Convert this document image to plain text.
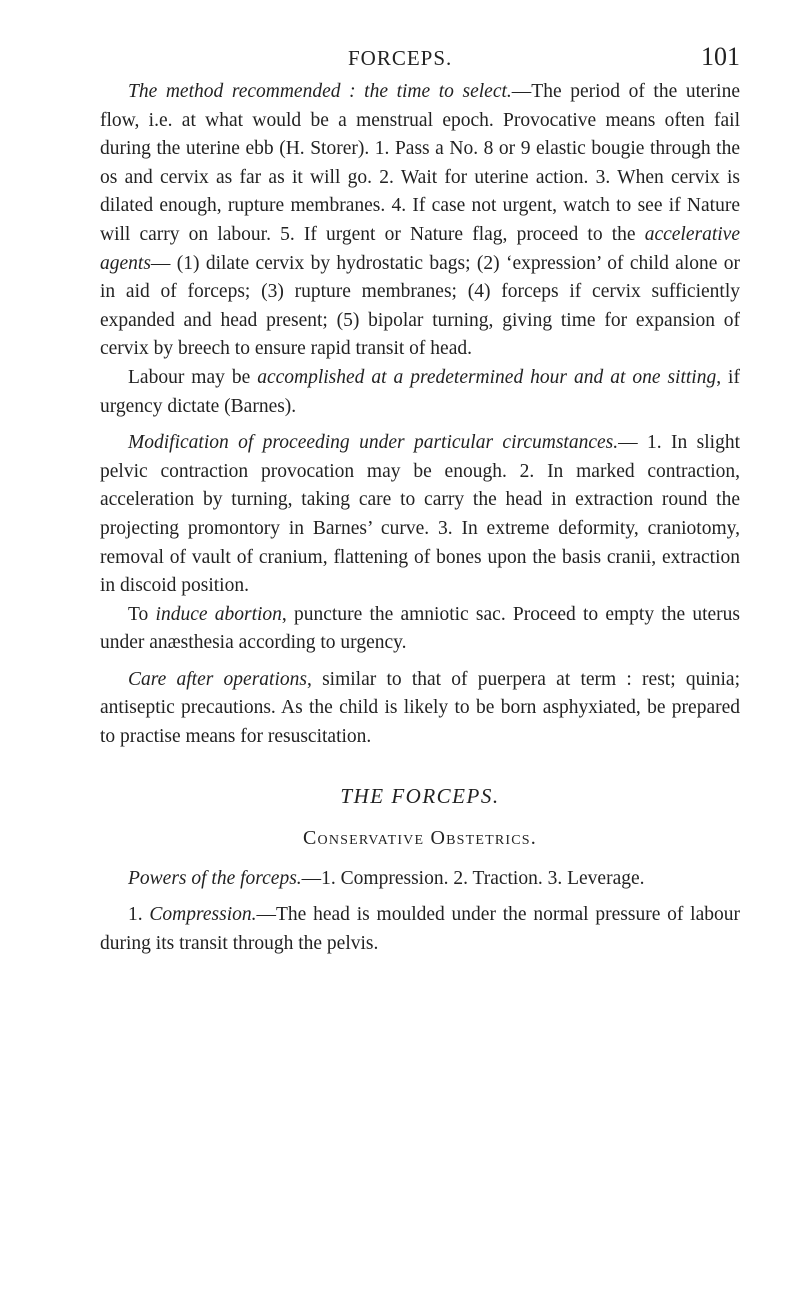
FORCEPS.	101

The method recommended : the time to select.—The period of the uterine flow, i.e. at what would be a menstrual epoch. Provocative means often fail during the uterine ebb (H. Storer). 1. Pass a No. 8 or 9 elastic bougie through the os and cervix as far as it will go. 2. Wait for uterine action. 3. When cervix is dilated enough, rupture membranes. 4. If case not urgent, watch to see if Nature will carry on labour. 5. If urgent or Nature flag, proceed to the accelerative agents— (1) dilate cervix by hydrostatic bags; (2) ‘expression’ of child alone or in aid of forceps; (3) rupture membranes; (4) forceps if cervix sufficiently expanded and head present; (5) bipolar turning, giving time for expansion of cervix by breech to ensure rapid transit of head.

Labour may be accomplished at a predetermined hour and at one sitting, if urgency dictate (Barnes).

Modification of proceeding under particular circumstances.— 1. In slight pelvic contraction provocation may be enough. 2. In marked contraction, acceleration by turning, taking care to carry the head in extraction round the projecting promontory in Barnes’ curve. 3. In extreme deformity, craniotomy, removal of vault of cranium, flattening of bones upon the basis cranii, extraction in discoid position.

To induce abortion, puncture the amniotic sac. Proceed to empty the uterus under anæsthesia according to urgency.

Care after operations, similar to that of puerpera at term : rest; quinia; antiseptic precautions. As the child is likely to be born asphyxiated, be prepared to practise means for resuscitation.

THE FORCEPS.
Conservative Obstetrics.

Powers of the forceps.—1. Compression. 2. Traction. 3. Leverage.

1. Compression.—The head is moulded under the normal pressure of labour during its transit through the pelvis.
